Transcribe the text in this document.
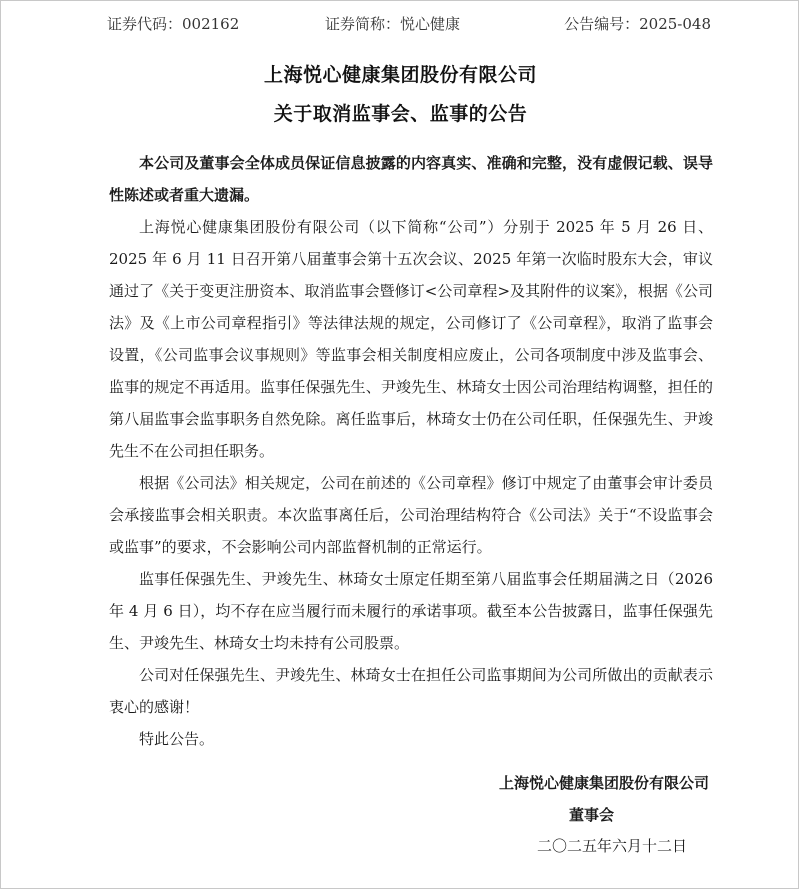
证券代码：002162	证券简称：悦心健康	公告编号：2025-048
上海悦心健康集团股份有限公司
关于取消监事会、监事的公告

本公司及董事会全体成员保证信息披露的内容真实、准确和完整，没有虚假记载、误导性陈述或者重大遗漏。

上海悦心健康集团股份有限公司（以下简称“公司”）分别于 2025 年 5 月 26 日、2025 年 6 月 11 日召开第八届董事会第十五次会议、2025 年第一次临时股东大会，审议通过了《关于变更注册资本、取消监事会暨修订<公司章程>及其附件的议案》，根据《公司法》及《上市公司章程指引》等法律法规的规定，公司修订了《公司章程》，取消了监事会设置，《公司监事会议事规则》等监事会相关制度相应废止，公司各项制度中涉及监事会、监事的规定不再适用。监事任保强先生、尹竣先生、林琦女士因公司治理结构调整，担任的第八届监事会监事职务自然免除。离任监事后，林琦女士仍在公司任职，任保强先生、尹竣先生不在公司担任职务。

根据《公司法》相关规定，公司在前述的《公司章程》修订中规定了由董事会审计委员会承接监事会相关职责。本次监事离任后，公司治理结构符合《公司法》关于“不设监事会或监事”的要求，不会影响公司内部监督机制的正常运行。

监事任保强先生、尹竣先生、林琦女士原定任期至第八届监事会任期届满之日（2026 年 4 月 6 日），均不存在应当履行而未履行的承诺事项。截至本公告披露日，监事任保强先生、尹竣先生、林琦女士均未持有公司股票。

公司对任保强先生、尹竣先生、林琦女士在担任公司监事期间为公司所做出的贡献表示衷心的感谢！

特此公告。

上海悦心健康集团股份有限公司
董事会
二〇二五年六月十二日
